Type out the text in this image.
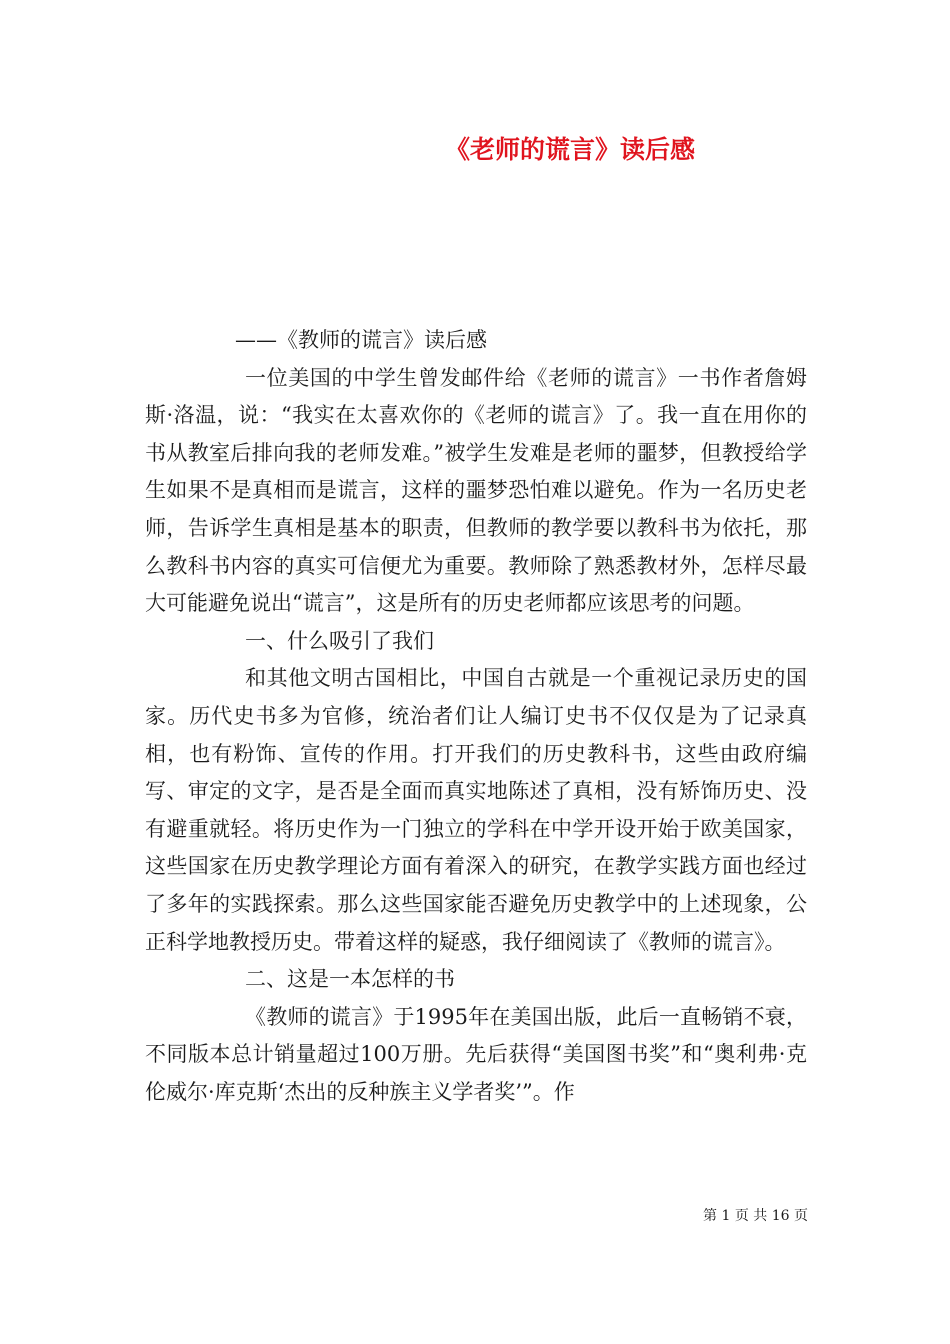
《老师的谎言》读后感

——《教师的谎言》读后感

一位美国的中学生曾发邮件给《老师的谎言》一书作者詹姆斯·洛温，说：“我实在太喜欢你的《老师的谎言》了。我一直在用你的书从教室后排向我的老师发难。”被学生发难是老师的噩梦，但教授给学生如果不是真相而是谎言，这样的噩梦恐怕难以避免。作为一名历史老师，告诉学生真相是基本的职责，但教师的教学要以教科书为依托，那么教科书内容的真实可信便尤为重要。教师除了熟悉教材外，怎样尽最大可能避免说出“谎言”，这是所有的历史老师都应该思考的问题。

一、什么吸引了我们

和其他文明古国相比，中国自古就是一个重视记录历史的国家。历代史书多为官修，统治者们让人编订史书不仅仅是为了记录真相，也有粉饰、宣传的作用。打开我们的历史教科书，这些由政府编写、审定的文字，是否是全面而真实地陈述了真相，没有矫饰历史、没有避重就轻。将历史作为一门独立的学科在中学开设开始于欧美国家，这些国家在历史教学理论方面有着深入的研究，在教学实践方面也经过了多年的实践探索。那么这些国家能否避免历史教学中的上述现象，公正科学地教授历史。带着这样的疑惑，我仔细阅读了《教师的谎言》。

二、这是一本怎样的书

《教师的谎言》于1995年在美国出版，此后一直畅销不衰，不同版本总计销量超过100万册。先后获得“美国图书奖”和“奥利弗·克伦威尔·库克斯‘杰出的反种族主义学者奖’”。作

第 1 页 共 16 页
